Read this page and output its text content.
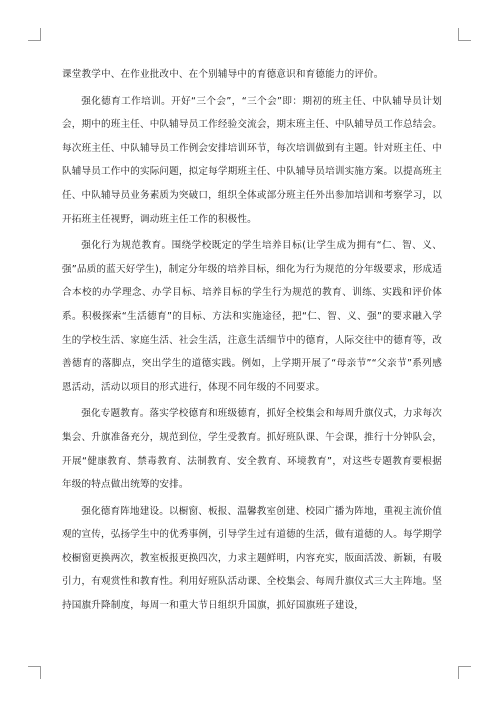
课堂教学中、在作业批改中、在个别辅导中的育德意识和育德能力的评价。

强化德育工作培训。开好“三个会”，“三个会”即：期初的班主任、中队辅导员计划会，期中的班主任、中队辅导员工作经验交流会，期末班主任、中队辅导员工作总结会。每次班主任、中队辅导员工作例会安排培训环节，每次培训做到有主题。针对班主任、中队辅导员工作中的实际问题，拟定每学期班主任、中队辅导员培训实施方案。以提高班主任、中队辅导员业务素质为突破口，组织全体或部分班主任外出参加培训和考察学习，以开拓班主任视野，调动班主任工作的积极性。

强化行为规范教育。围绕学校既定的学生培养目标(让学生成为拥有“仁、智、义、强”品质的蓝天好学生)，制定分年级的培养目标，细化为行为规范的分年级要求，形成适合本校的办学理念、办学目标、培养目标的学生行为规范的教育、训练、实践和评价体系。积极探索“生活德育”的目标、方法和实施途径，把“仁、智、义、强”的要求融入学生的学校生活、家庭生活、社会生活，注意生活细节中的德育，人际交往中的德育等，改善德育的落脚点，突出学生的道德实践。例如，上学期开展了“母亲节”“父亲节”系列感恩活动，活动以项目的形式进行，体现不同年级的不同要求。

强化专题教育。落实学校德育和班级德育，抓好全校集会和每周升旗仪式，力求每次集会、升旗准备充分，规范到位，学生受教育。抓好班队课、午会课，推行十分钟队会，开展“健康教育、禁毒教育、法制教育、安全教育、环境教育”，对这些专题教育要根据年级的特点做出统筹的安排。

强化德育阵地建设。以橱窗、板报、温馨教室创建、校园广播为阵地，重视主流价值观的宣传，弘扬学生中的优秀事例，引导学生过有道德的生活，做有道德的人。每学期学校橱窗更换两次，教室板报更换四次，力求主题鲜明，内容充实，版面活泼、新颖，有吸引力，有观赏性和教育性。利用好班队活动课、全校集会、每周升旗仪式三大主阵地。坚持国旗升降制度，每周一和重大节日组织升国旗，抓好国旗班子建设，
